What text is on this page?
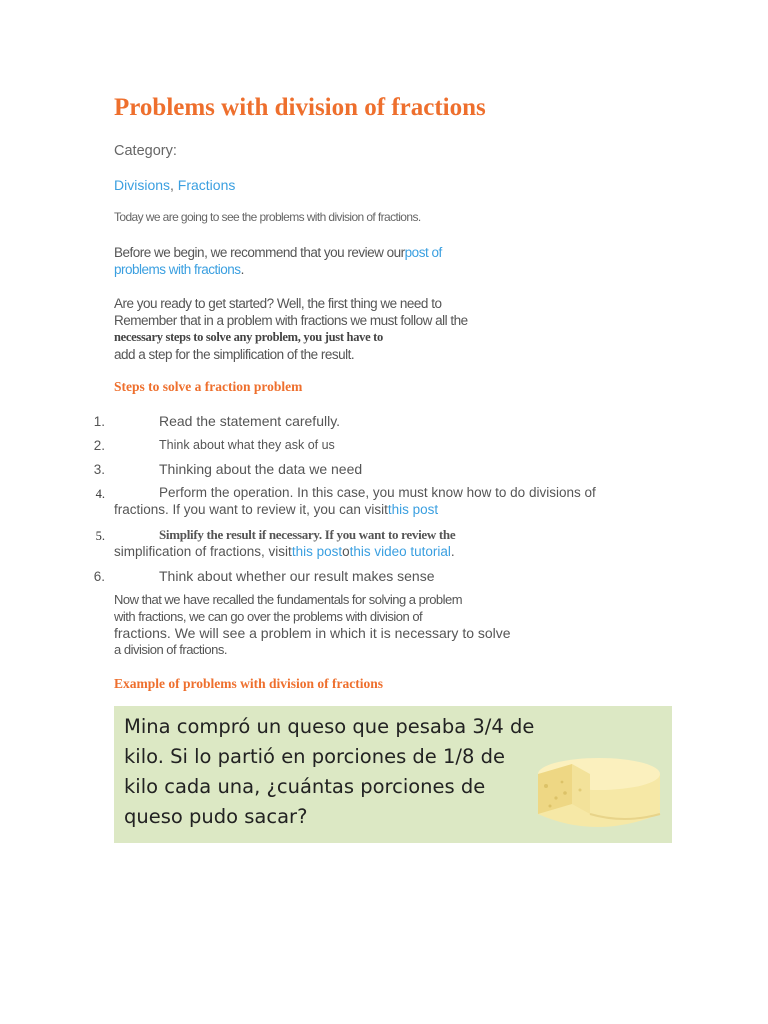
Problems with division of fractions
Category:
Divisions, Fractions
Today we are going to see the problems with division of fractions.
Before we begin, we recommend that you review ourpost of
problems with fractions.
Are you ready to get started? Well, the first thing we need to
Remember that in a problem with fractions we must follow all the
necessary steps to solve any problem, you just have to
add a step for the simplification of the result.
Steps to solve a fraction problem
1.	Read the statement carefully.
2.	Think about what they ask of us
3.	Thinking about the data we need
4.	Perform the operation. In this case, you must know how to do divisions of
fractions. If you want to review it, you can visitthis post
5.	Simplify the result if necessary. If you want to review the
simplification of fractions, visitthis postothis video tutorial.
6.	Think about whether our result makes sense
Now that we have recalled the fundamentals for solving a problem
with fractions, we can go over the problems with division of
fractions. We will see a problem in which it is necessary to solve
a division of fractions.
Example of problems with division of fractions
Mina compró un queso que pesaba 3/4 de
kilo. Si lo partió en porciones de 1/8 de
kilo cada una, ¿cuántas porciones de
queso pudo sacar?
